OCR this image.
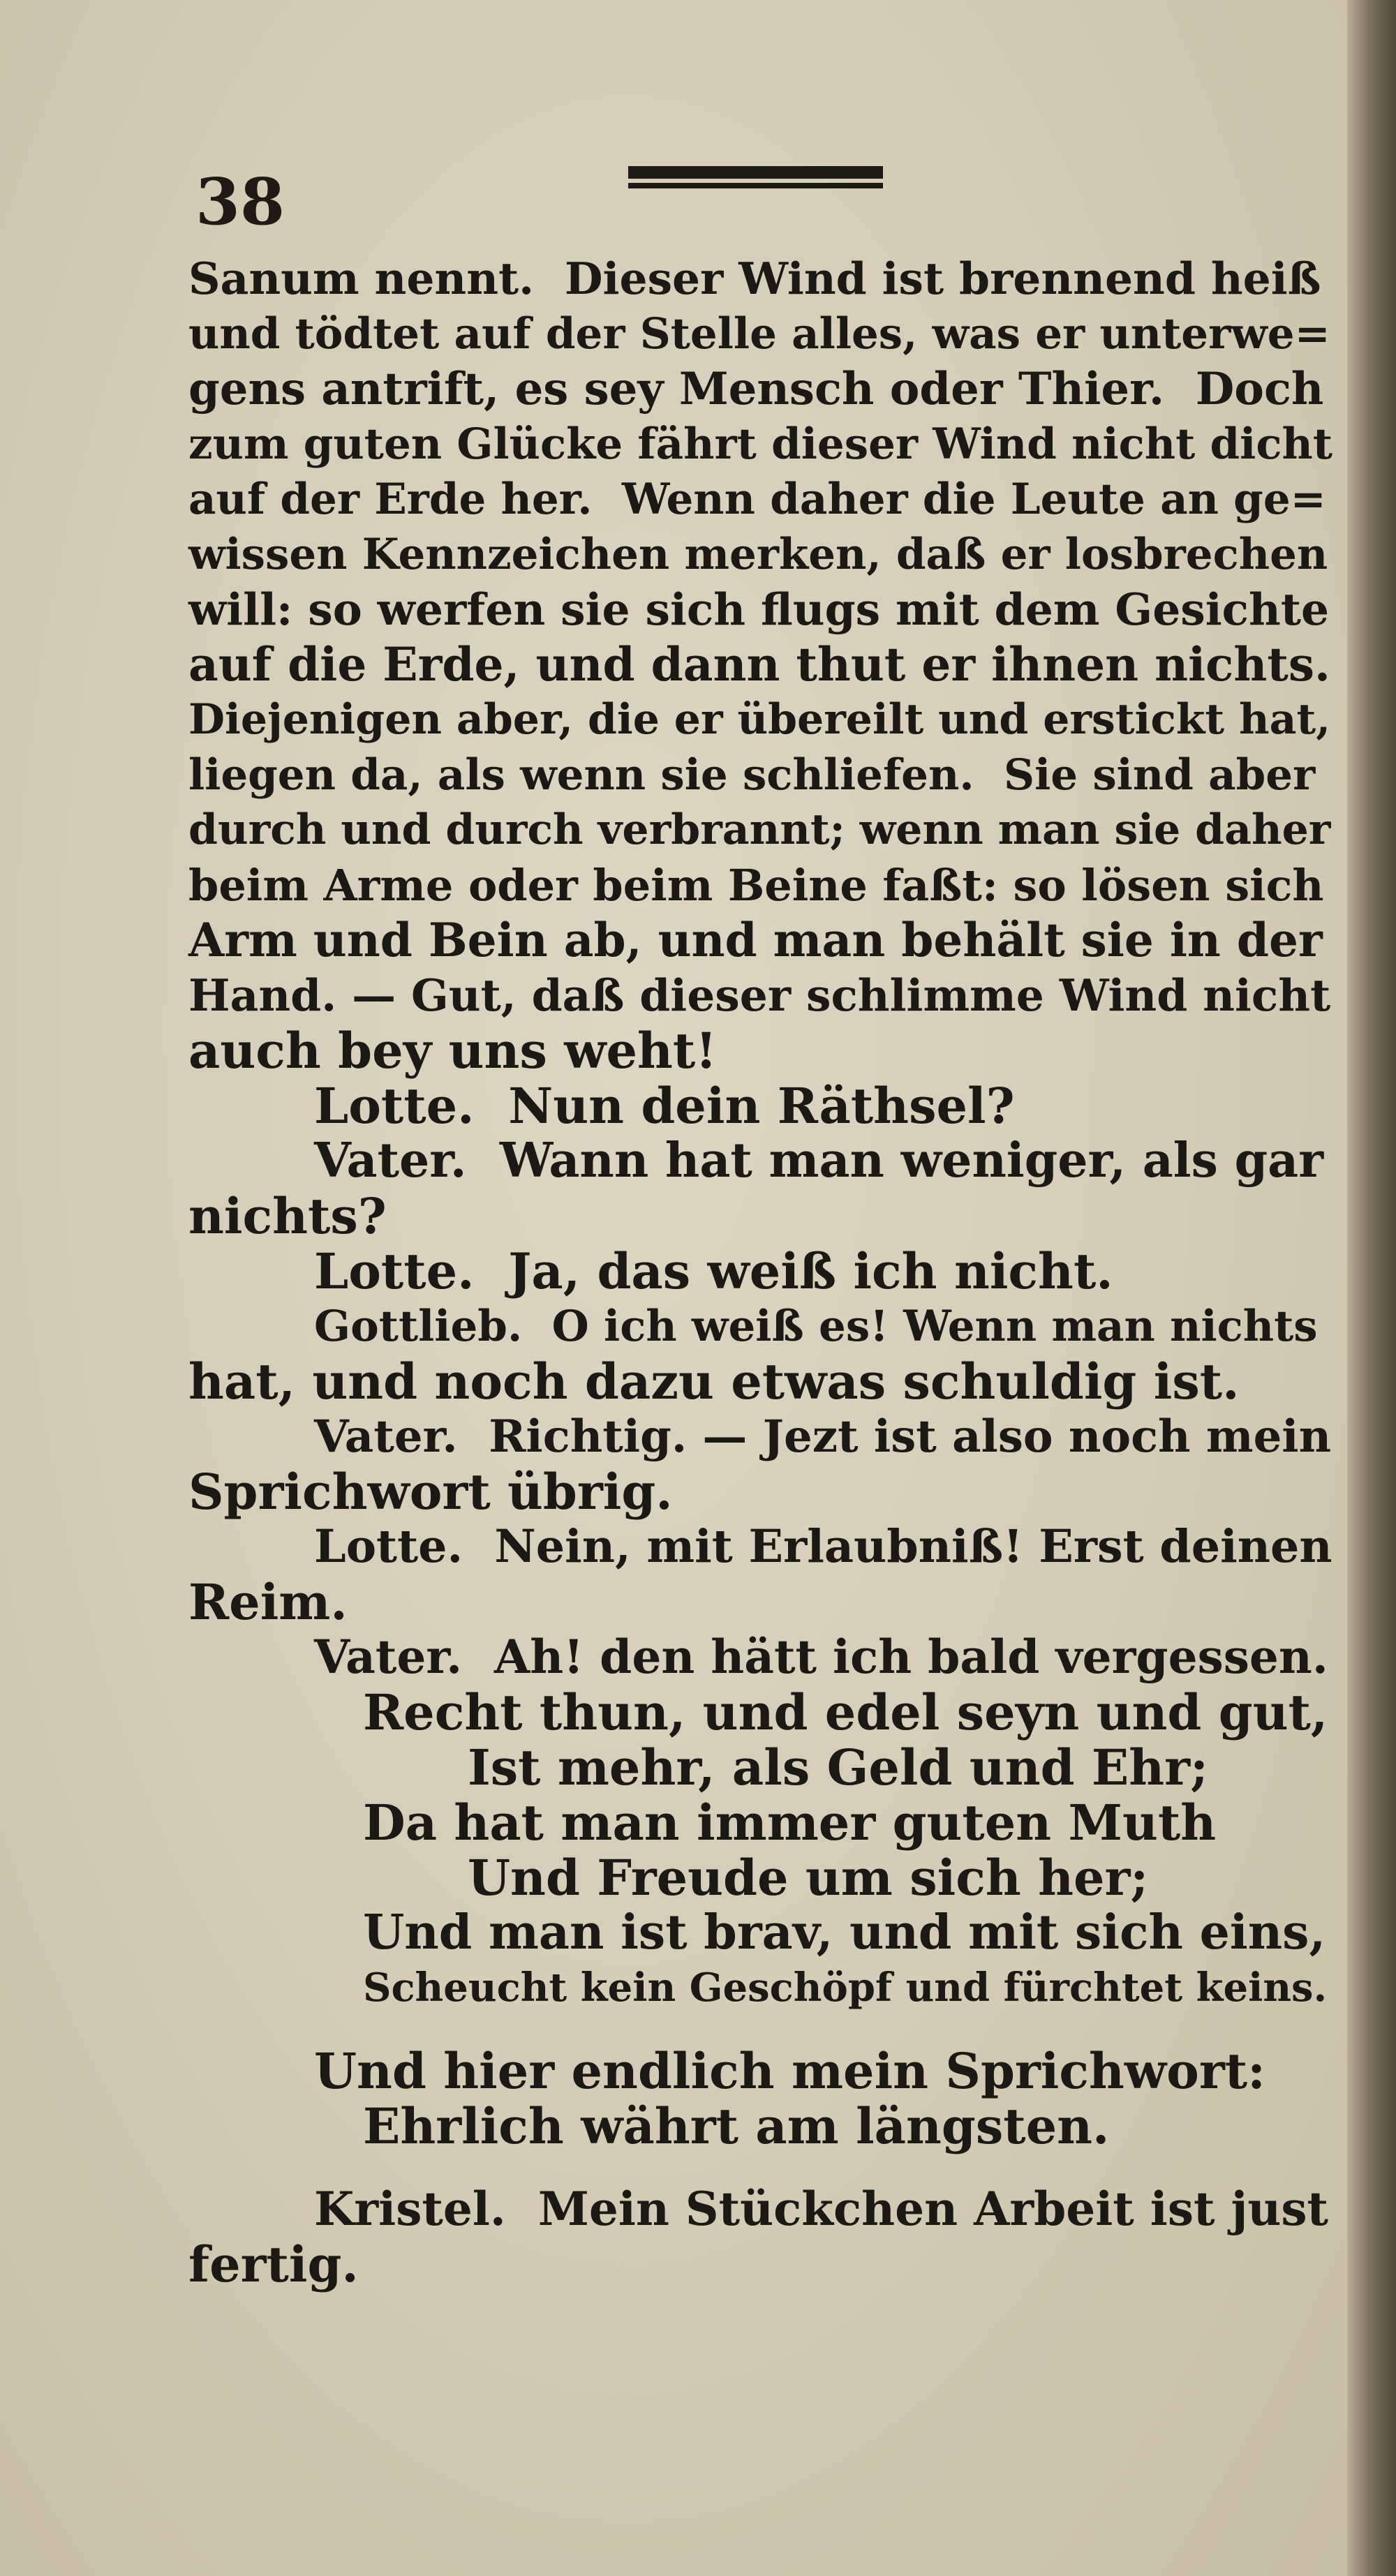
38
Sanum nennt.  Dieser Wind ist brennend heiß
und tödtet auf der Stelle alles, was er unterwe=
gens antrift, es sey Mensch oder Thier.  Doch
zum guten Glücke fährt dieser Wind nicht dicht
auf der Erde her.  Wenn daher die Leute an ge=
wissen Kennzeichen merken, daß er losbrechen
will: so werfen sie sich flugs mit dem Gesichte
auf die Erde, und dann thut er ihnen nichts.
Diejenigen aber, die er übereilt und erstickt hat,
liegen da, als wenn sie schliefen.  Sie sind aber
durch und durch verbrannt; wenn man sie daher
beim Arme oder beim Beine faßt: so lösen sich
Arm und Bein ab, und man behält sie in der
Hand. — Gut, daß dieser schlimme Wind nicht
auch bey uns weht!
Lotte.  Nun dein Räthsel?
Vater.  Wann hat man weniger, als gar
nichts?
Lotte.  Ja, das weiß ich nicht.
Gottlieb.  O ich weiß es! Wenn man nichts
hat, und noch dazu etwas schuldig ist.
Vater.  Richtig. — Jezt ist also noch mein
Sprichwort übrig.
Lotte.  Nein, mit Erlaubniß! Erst deinen
Reim.
Vater.  Ah! den hätt ich bald vergessen.
Recht thun, und edel seyn und gut,
Ist mehr, als Geld und Ehr;
Da hat man immer guten Muth
Und Freude um sich her;
Und man ist brav, und mit sich eins,
Scheucht kein Geschöpf und fürchtet keins.
Und hier endlich mein Sprichwort:
Ehrlich währt am längsten.
Kristel.  Mein Stückchen Arbeit ist just
fertig.
